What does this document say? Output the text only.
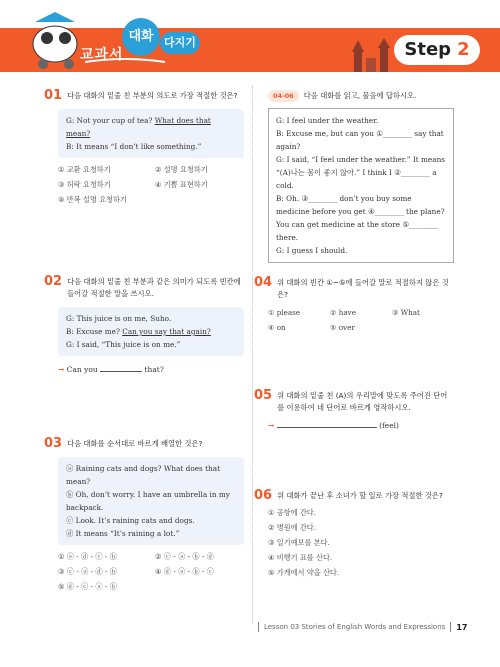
교과서
대화 다지기	Step 2
01 다음 대화의 밑줄 친 부분의 의도로 가장 적절한 것은?
G: Not your cup of tea? What does that mean?
B: It means “I don’t like something.”
① 교환 요청하기	② 설명 요청하기
③ 허락 요청하기	④ 기쁨 표현하기
⑤ 반복 설명 요청하기
02 다음 대화의 밑줄 친 부분과 같은 의미가 되도록 빈칸에 들어갈 적절한 말을 쓰시오.
G: This juice is on me, Suho.
B: Excuse me? Can you say that again?
G: I said, “This juice is on me.”
→ Can you	that?
03 다음 대화를 순서대로 바르게 배열한 것은?
ⓐ Raining cats and dogs? What does that mean?
ⓑ Oh, don’t worry. I have an umbrella in my backpack.
ⓒ Look. It’s raining cats and dogs.
ⓓ It means “It’s raining a lot.”
① ⓐ - ⓓ - ⓒ - ⓑ	② ⓒ - ⓐ - ⓑ - ⓓ
③ ⓒ - ⓐ - ⓓ - ⓑ	④ ⓓ - ⓐ - ⓑ - ⓒ
⑤ ⓓ - ⓒ - ⓐ - ⓑ
04-06 다음 대화를 읽고, 물음에 답하시오.
G: I feel under the weather.
B: Excuse me, but can you ①________ say that again?
G: I said, “I feel under the weather.” It means “(A)나는 몸이 좋지 않아.” I think I ②________ a cold.
B: Oh. ③________ don’t you buy some medicine before you get ④________ the plane? You can get medicine at the store ⑤________ there.
G: I guess I should.
04 위 대화의 빈칸 ①~⑤에 들어갈 말로 적절하지 않은 것은?
① please	② have	③ What
④ on	⑤ over
05 위 대화의 밑줄 친 (A)의 우리말에 맞도록 주어진 단어를 이용하여 네 단어로 바르게 영작하시오.
→	(feel)
06 위 대화가 끝난 후 소녀가 할 일로 가장 적절한 것은?
① 공항에 간다.
② 병원에 간다.
③ 일기예보를 본다.
④ 비행기 표를 산다.
⑤ 가게에서 약을 산다.
Lesson 03 Stories of English Words and Expressions 17
